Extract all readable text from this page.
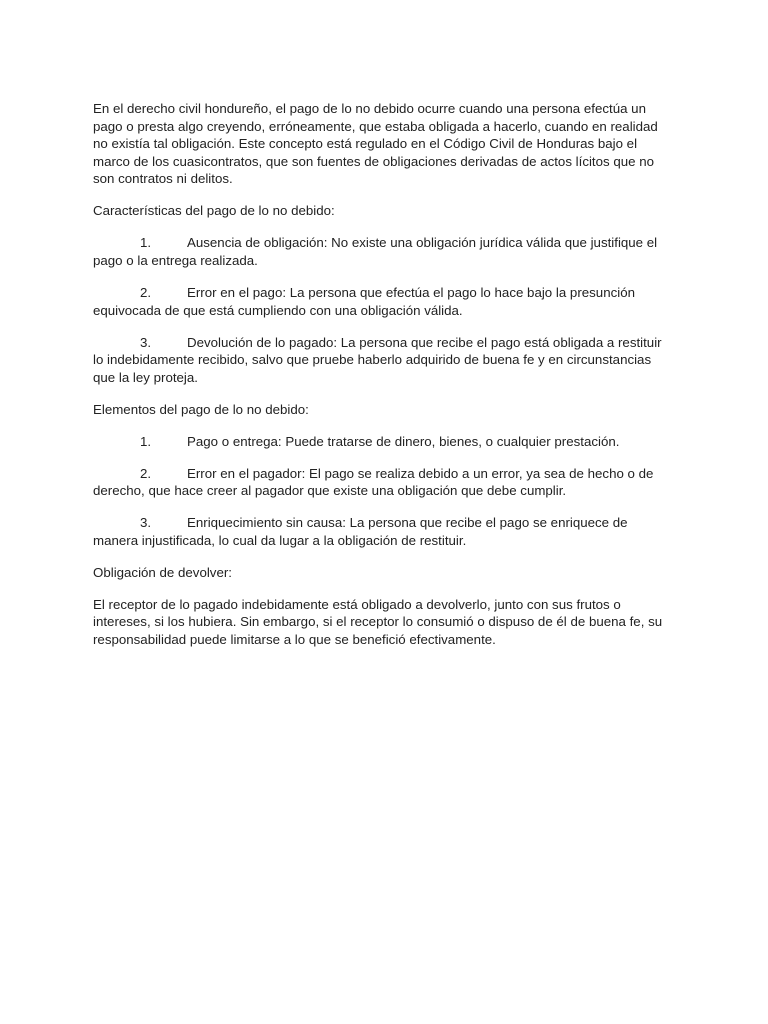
En el derecho civil hondureño, el pago de lo no debido ocurre cuando una persona efectúa un pago o presta algo creyendo, erróneamente, que estaba obligada a hacerlo, cuando en realidad no existía tal obligación. Este concepto está regulado en el Código Civil de Honduras bajo el marco de los cuasicontratos, que son fuentes de obligaciones derivadas de actos lícitos que no son contratos ni delitos.

Características del pago de lo no debido:

1.	Ausencia de obligación: No existe una obligación jurídica válida que justifique el pago o la entrega realizada.
2.	Error en el pago: La persona que efectúa el pago lo hace bajo la presunción equivocada de que está cumpliendo con una obligación válida.
3.	Devolución de lo pagado: La persona que recibe el pago está obligada a restituir lo indebidamente recibido, salvo que pruebe haberlo adquirido de buena fe y en circunstancias que la ley proteja.

Elementos del pago de lo no debido:

1.	Pago o entrega: Puede tratarse de dinero, bienes, o cualquier prestación.
2.	Error en el pagador: El pago se realiza debido a un error, ya sea de hecho o de derecho, que hace creer al pagador que existe una obligación que debe cumplir.
3.	Enriquecimiento sin causa: La persona que recibe el pago se enriquece de manera injustificada, lo cual da lugar a la obligación de restituir.

Obligación de devolver:

El receptor de lo pagado indebidamente está obligado a devolverlo, junto con sus frutos o intereses, si los hubiera. Sin embargo, si el receptor lo consumió o dispuso de él de buena fe, su responsabilidad puede limitarse a lo que se benefició efectivamente.
